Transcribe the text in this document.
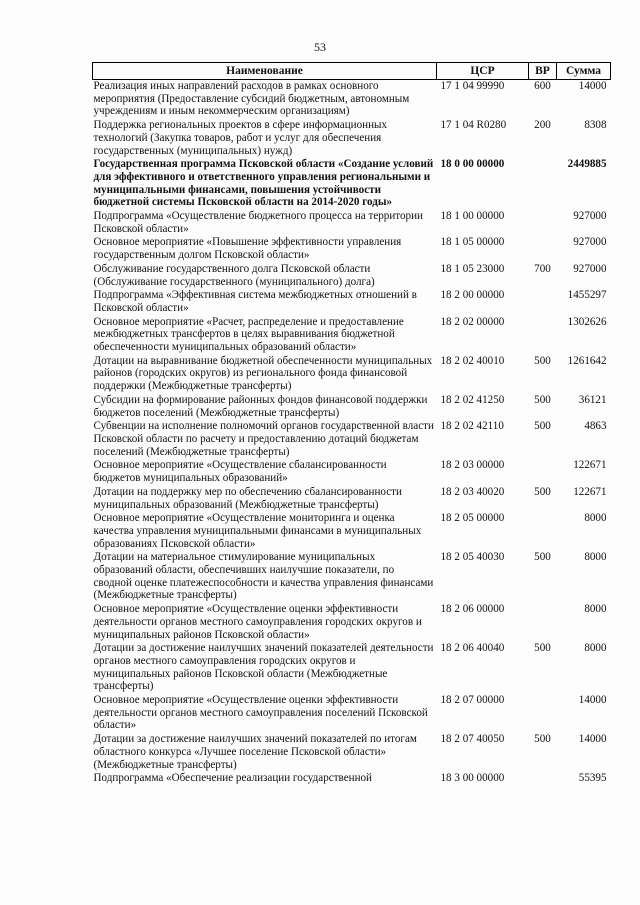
53
Наименование	ЦСР	ВР	Сумма
Реализация иных направлений расходов в рамках основного мероприятия (Предоставление субсидий бюджетным, автономным учреждениям и иным некоммерческим организациям)	17 1 04 99990	600	14000
Поддержка региональных проектов в сфере информационных технологий (Закупка товаров, работ и услуг для обеспечения государственных (муниципальных) нужд)	17 1 04 R0280	200	8308
Государственная программа Псковской области «Создание условий для эффективного и ответственного управления региональными и муниципальными финансами, повышения устойчивости бюджетной системы Псковской области на 2014-2020 годы»	18 0 00 00000		2449885
Подпрограмма «Осуществление бюджетного процесса на территории Псковской области»	18 1 00 00000		927000
Основное мероприятие «Повышение эффективности управления государственным долгом Псковской области»	18 1 05 00000		927000
Обслуживание государственного долга Псковской области (Обслуживание государственного (муниципального) долга)	18 1 05 23000	700	927000
Подпрограмма «Эффективная система межбюджетных отношений в Псковской области»	18 2 00 00000		1455297
Основное мероприятие «Расчет, распределение и предоставление межбюджетных трансфертов в целях выравнивания бюджетной обеспеченности муниципальных образований области»	18 2 02 00000		1302626
Дотации на выравнивание бюджетной обеспеченности муниципальных районов (городских округов) из регионального фонда финансовой поддержки (Межбюджетные трансферты)	18 2 02 40010	500	1261642
Субсидии на формирование районных фондов финансовой поддержки бюджетов поселений (Межбюджетные трансферты)	18 2 02 41250	500	36121
Субвенции на исполнение полномочий органов государственной власти Псковской области по расчету и предоставлению дотаций бюджетам поселений (Межбюджетные трансферты)	18 2 02 42110	500	4863
Основное мероприятие «Осуществление сбалансированности бюджетов муниципальных образований»	18 2 03 00000		122671
Дотации на поддержку мер по обеспечению сбалансированности муниципальных образований (Межбюджетные трансферты)	18 2 03 40020	500	122671
Основное мероприятие «Осуществление мониторинга и оценка качества управления муниципальными финансами в муниципальных образованиях Псковской области»	18 2 05 00000		8000
Дотации на материальное стимулирование муниципальных образований области, обеспечивших наилучшие показатели, по сводной оценке платежеспособности и качества управления финансами (Межбюджетные трансферты)	18 2 05 40030	500	8000
Основное мероприятие «Осуществление оценки эффективности деятельности органов местного самоуправления городских округов и муниципальных районов Псковской области»	18 2 06 00000		8000
Дотации за достижение наилучших значений показателей деятельности органов местного самоуправления городских округов и муниципальных районов Псковской области (Межбюджетные трансферты)	18 2 06 40040	500	8000
Основное мероприятие «Осуществление оценки эффективности деятельности органов местного самоуправления поселений Псковской области»	18 2 07 00000		14000
Дотации за достижение наилучших значений показателей по итогам областного конкурса «Лучшее поселение Псковской области» (Межбюджетные трансферты)	18 2 07 40050	500	14000
Подпрограмма «Обеспечение реализации государственной	18 3 00 00000		55395
